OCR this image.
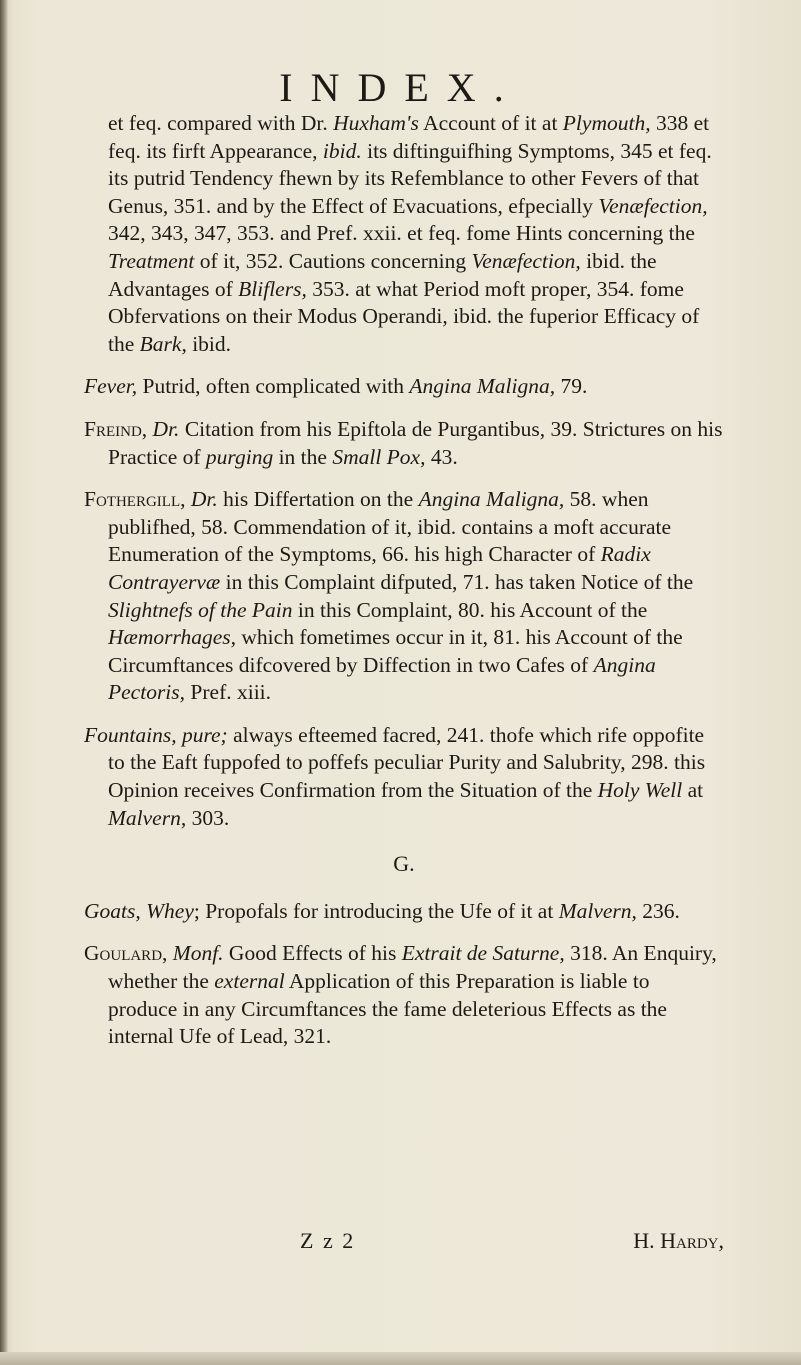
INDEX.

et feq. compared with Dr. Huxham's Account of it at Plymouth, 338 et feq. its firft Appearance, ibid. its diftinguifhing Symptoms, 345 et feq. its putrid Tendency fhewn by its Refemblance to other Fevers of that Genus, 351. and by the Effect of Evacuations, efpecially Venæfection, 342, 343, 347, 353. and Pref. xxii. et feq. fome Hints concerning the Treatment of it, 352. Cautions concerning Venæfection, ibid. the Advantages of Bliflers, 353. at what Period moft proper, 354. fome Obfervations on their Modus Operandi, ibid. the fuperior Efficacy of the Bark, ibid.

Fever, Putrid, often complicated with Angina Maligna, 79.

Freind, Dr. Citation from his Epiftola de Purgantibus, 39. Strictures on his Practice of purging in the Small Pox, 43.

Fothergill, Dr. his Differtation on the Angina Maligna, 58. when publifhed, 58. Commendation of it, ibid. contains a moft accurate Enumeration of the Symptoms, 66. his high Character of Radix Contrayervæ in this Complaint difputed, 71. has taken Notice of the Slightnefs of the Pain in this Complaint, 80. his Account of the Hæmorrhages, which fometimes occur in it, 81. his Account of the Circumftances difcovered by Diffection in two Cafes of Angina Pectoris, Pref. xiii.

Fountains, pure; always efteemed facred, 241. thofe which rife oppofite to the Eaft fuppofed to poffefs peculiar Purity and Salubrity, 298. this Opinion receives Confirmation from the Situation of the Holy Well at Malvern, 303.

G.

Goats, Whey; Propofals for introducing the Ufe of it at Malvern, 236.

Goulard, Monf. Good Effects of his Extrait de Saturne, 318. An Enquiry, whether the external Application of this Preparation is liable to produce in any Circumftances the fame deleterious Effects as the internal Ufe of Lead, 321.

Z z 2	H. Hardy,
